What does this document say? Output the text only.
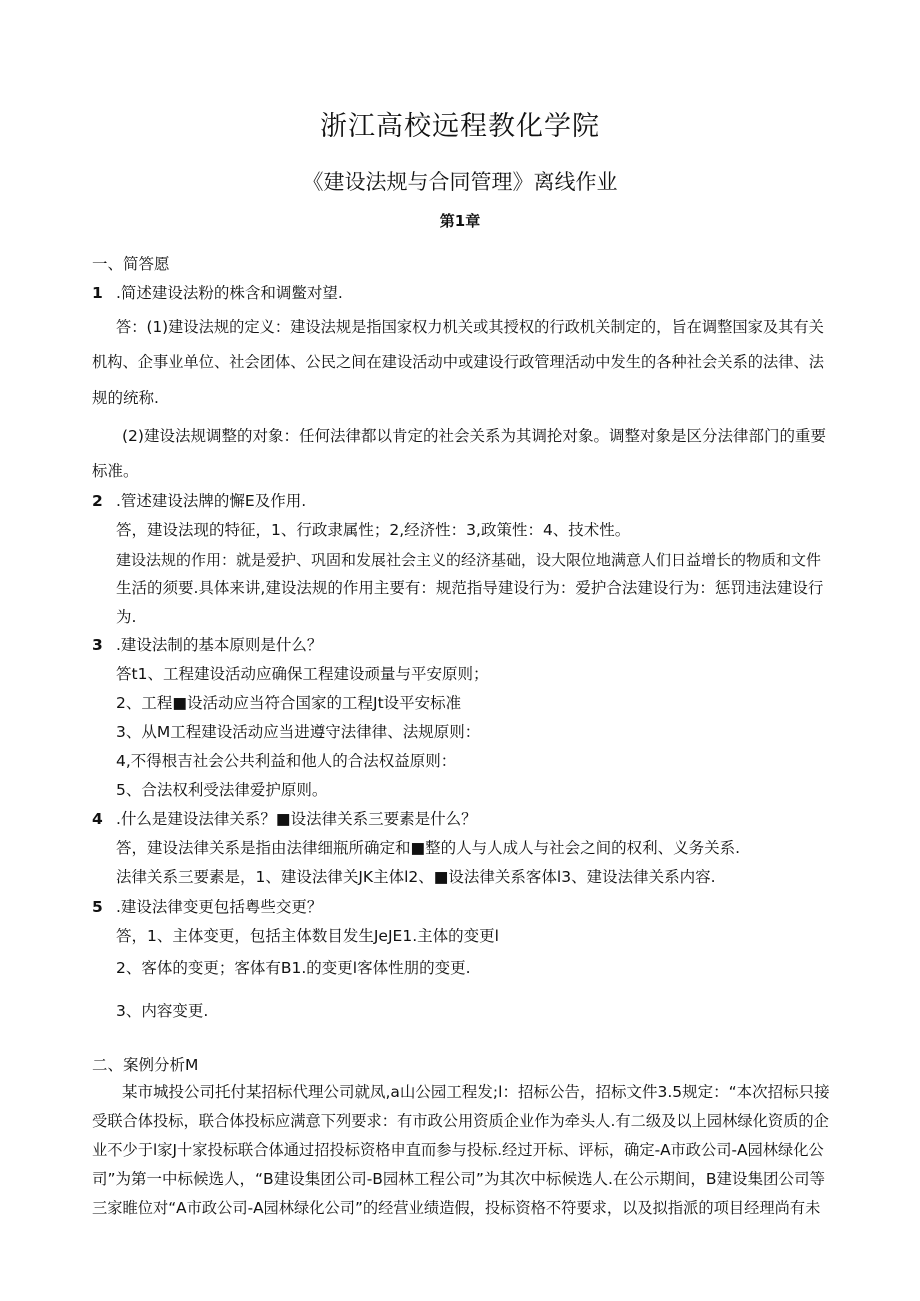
浙江高校远程教化学院
《建设法规与合同管理》离线作业
第1章
一、简答愿
1 .简述建设法粉的株含和调鳖对望.
答：(1)建设法规的定义：建设法规是指国家权力机关或其授权的行政机关制定的，旨在调整国家及其有关
机构、企事业单位、社会团体、公民之间在建设活动中或建设行政管理活动中发生的各种社会关系的法律、法
规的统称.
(2)建设法规调整的对象：任何法律都以肯定的社会关系为其调抡对象。调整对象是区分法律部门的重要
标准。
2 .管述建设法牌的懈E及作用.
答，建设法现的特征，1、行政隶属性；2,经济性：3,政策性：4、技术性。
建设法规的作用：就是爱护、巩固和发展社会主义的经济基础，设大限位地满意人们日益增长的物质和文件
生活的须要.具体来讲,建设法规的作用主要有：规范指导建设行为：爱护合法建设行为：惩罚违法建设行
为.
3 .建设法制的基本原则是什么？
答t1、工程建设活动应确保工程建设顽量与平安原则；
2、工程■设活动应当符合国家的工程Jt设平安标准
3、从M工程建设活动应当进遵守法律律、法规原则：
4,不得根吉社会公共利益和他人的合法权益原则：
5、合法权利受法律爱护原则。
4 .什么是建设法律关系？■设法律关系三要素是什么？
答，建设法律关系是指由法律细瓶所确定和■整的人与人成人与社会之间的权利、义务关系.
法律关系三要素是，1、建设法律关JK主体l2、■设法律关系客体l3、建设法律关系内容.
5 .建设法律变更包括粤些交更？
答，1、主体变更，包括主体数目发生JeJE1.主体的变更l
2、客体的变更；客体有B1.的变更l客体性朋的变更.
3、内容变更.
二、案例分析M
某市城投公司托付某招标代理公司就凤,a山公园工程发;l：招标公告，招标文件3.5规定：“本次招标只接
受联合体投标，联合体投标应满意下列要求：有市政公用资质企业作为牵头人.有二级及以上园林绿化资质的企
业不少于l家J十家投标联合体通过招投标资格申直而参与投标.经过开标、评标，确定-A市政公司-A园林绿化公
司”为第一中标候选人，“B建设集团公司-B园林工程公司”为其次中标候选人.在公示期间，B建设集团公司等
三家睢位对“A市政公司-A园林绿化公司”的经营业绩造假，投标资格不符要求，以及拟指派的项目经理尚有未
